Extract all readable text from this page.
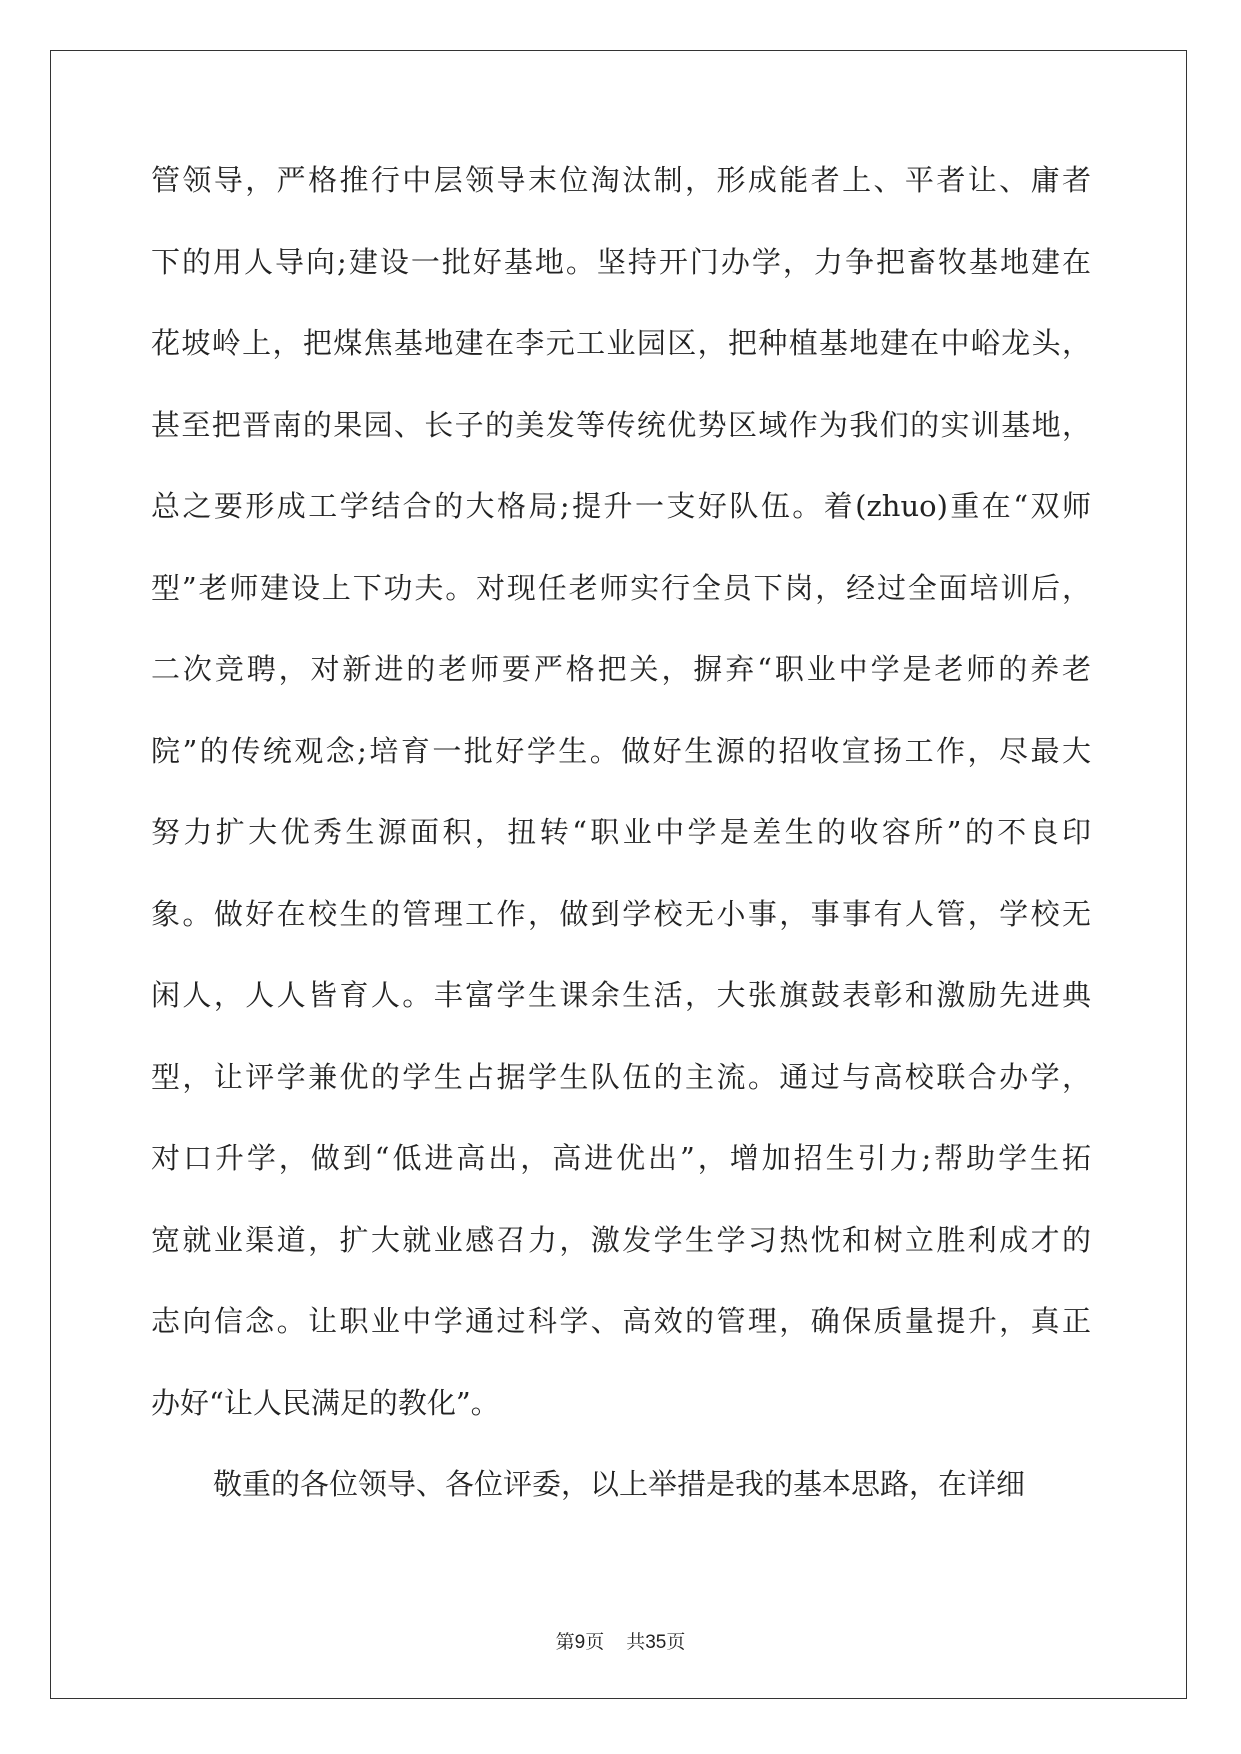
管领导，严格推行中层领导末位淘汰制，形成能者上、平者让、庸者
下的用人导向;建设一批好基地。坚持开门办学，力争把畜牧基地建在
花坡岭上，把煤焦基地建在李元工业园区，把种植基地建在中峪龙头，
甚至把晋南的果园、长子的美发等传统优势区域作为我们的实训基地，
总之要形成工学结合的大格局;提升一支好队伍。着(zhuo)重在“双师
型”老师建设上下功夫。对现任老师实行全员下岗，经过全面培训后，
二次竞聘，对新进的老师要严格把关，摒弃“职业中学是老师的养老
院”的传统观念;培育一批好学生。做好生源的招收宣扬工作，尽最大
努力扩大优秀生源面积，扭转“职业中学是差生的收容所”的不良印
象。做好在校生的管理工作，做到学校无小事，事事有人管，学校无
闲人，人人皆育人。丰富学生课余生活，大张旗鼓表彰和激励先进典
型，让评学兼优的学生占据学生队伍的主流。通过与高校联合办学，
对口升学，做到“低进高出，高进优出”，增加招生引力;帮助学生拓
宽就业渠道，扩大就业感召力，激发学生学习热忱和树立胜利成才的
志向信念。让职业中学通过科学、高效的管理，确保质量提升，真正
办好“让人民满足的教化”。
敬重的各位领导、各位评委，以上举措是我的基本思路，在详细
第9页 共35页
